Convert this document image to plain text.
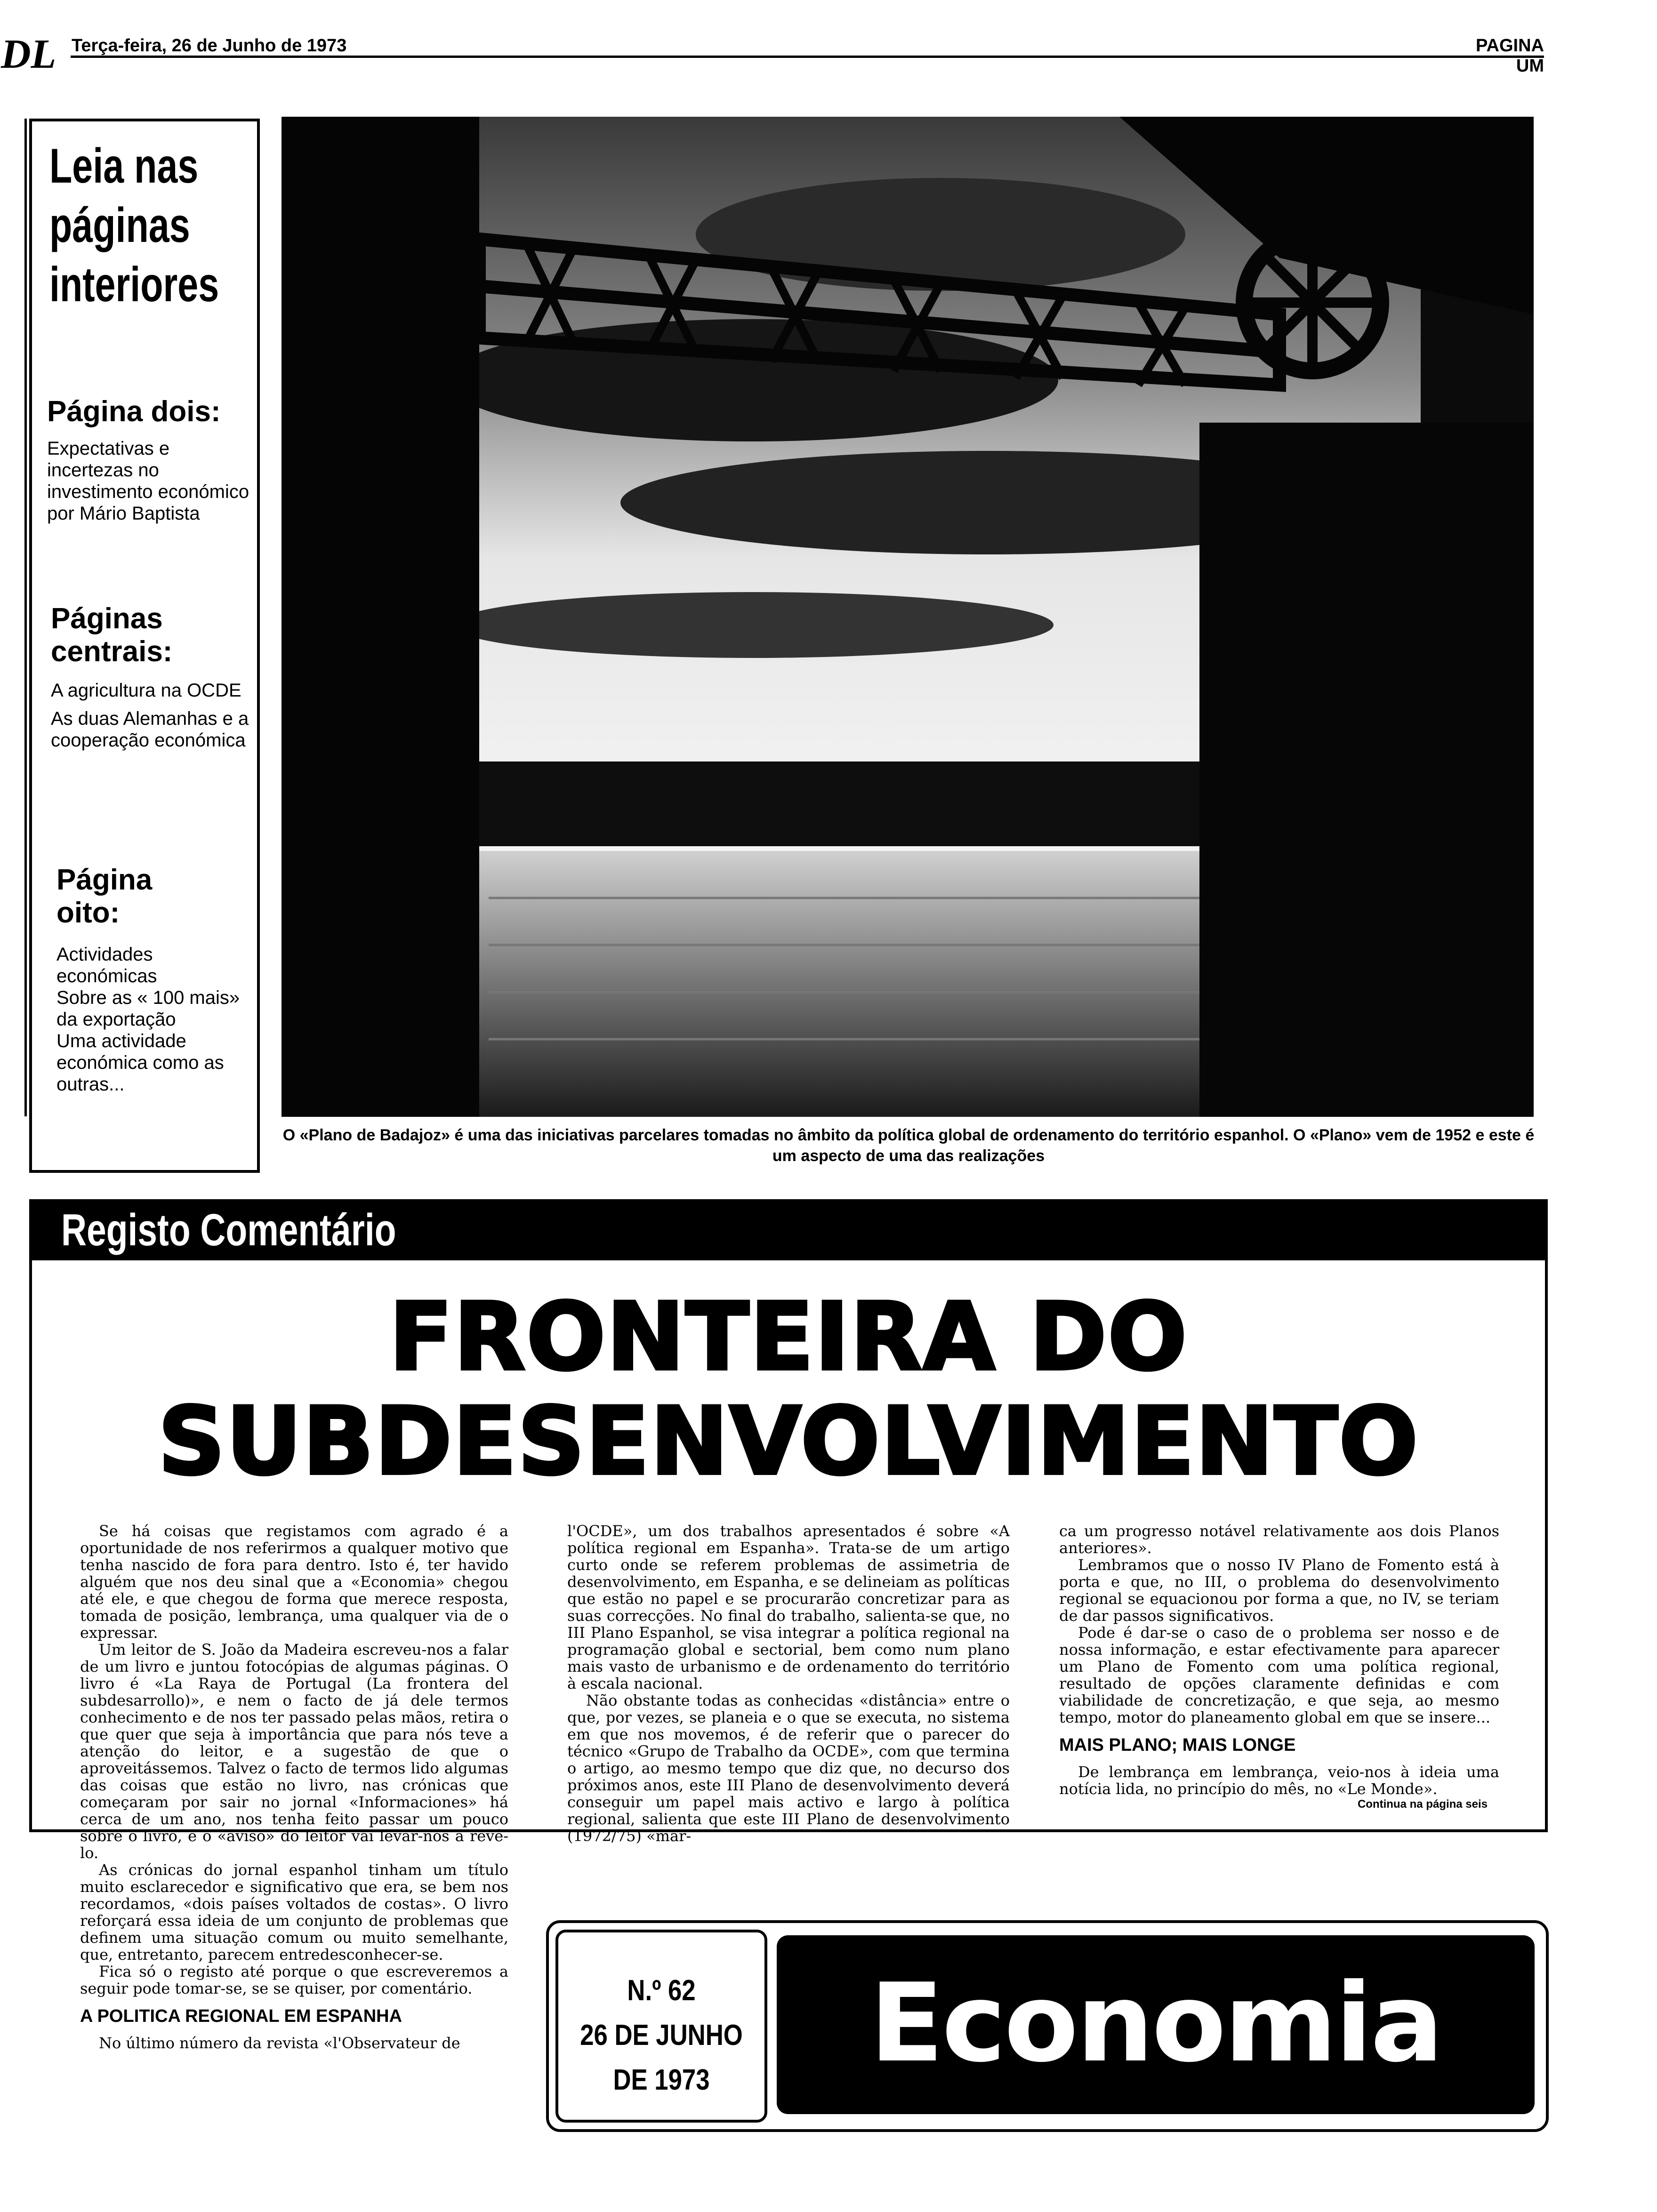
DL Terça-feira, 26 de Junho de 1973	PAGINA UM
Leia nas
páginas
interiores
Página dois:
Expectativas e incertezas no investimento económico por Mário Baptista
Páginas centrais:
A agricultura na OCDE
As duas Alemanhas e a cooperação económica
Página oito:
Actividades económicas
Sobre as « 100 mais» da exportação
Uma actividade económica como as outras...
O «Plano de Badajoz» é uma das iniciativas parcelares tomadas no âmbito da política global de ordenamento do território espanhol. O «Plano» vem de 1952 e este é um aspecto de uma das realizações
Registo Comentário
FRONTEIRA DO
SUBDESENVOLVIMENTO

Se há coisas que registamos com agrado é a oportunidade de nos referirmos a qualquer motivo que tenha nascido de fora para dentro. Isto é, ter havido alguém que nos deu sinal que a «Economia» chegou até ele, e que chegou de forma que merece resposta, tomada de posição, lembrança, uma qualquer via de o expressar.

Um leitor de S. João da Madeira escreveu-nos a falar de um livro e juntou fotocópias de algumas páginas. O livro é «La Raya de Portugal (La frontera del subdesarrollo)», e nem o facto de já dele termos conhecimento e de nos ter passado pelas mãos, retira o que quer que seja à importância que para nós teve a atenção do leitor, e a sugestão de que o aproveitássemos. Talvez o facto de termos lido algumas das coisas que estão no livro, nas crónicas que começaram por sair no jornal «Informaciones» há cerca de um ano, nos tenha feito passar um pouco sobre o livro, e o «aviso» do leitor vai levar-nos a revê-lo.

As crónicas do jornal espanhol tinham um título muito esclarecedor e significativo que era, se bem nos recordamos, «dois países voltados de costas». O livro reforçará essa ideia de um conjunto de problemas que definem uma situação comum ou muito semelhante, que, entretanto, parecem entredesconhecer-se.

Fica só o registo até porque o que escreveremos a seguir pode tomar-se, se se quiser, por comentário.

A POLITICA REGIONAL EM ESPANHA

No último número da revista «l'Observateur de

l'OCDE», um dos trabalhos apresentados é sobre «A política regional em Espanha». Trata-se de um artigo curto onde se referem problemas de assimetria de desenvolvimento, em Espanha, e se delineiam as políticas que estão no papel e se procurarão concretizar para as suas correcções. No final do trabalho, salienta-se que, no III Plano Espanhol, se visa integrar a política regional na programação global e sectorial, bem como num plano mais vasto de urbanismo e de ordenamento do território à escala nacional.

Não obstante todas as conhecidas «distância» entre o que, por vezes, se planeia e o que se executa, no sistema em que nos movemos, é de referir que o parecer do técnico «Grupo de Trabalho da OCDE», com que termina o artigo, ao mesmo tempo que diz que, no decurso dos próximos anos, este III Plano de desenvolvimento deverá conseguir um papel mais activo e largo à política regional, salienta que este III Plano de desenvolvimento (1972/75) «mar-

ca um progresso notável relativamente aos dois Planos anteriores».

Lembramos que o nosso IV Plano de Fomento está à porta e que, no III, o problema do desenvolvimento regional se equacionou por forma a que, no IV, se teriam de dar passos significativos.

Pode é dar-se o caso de o problema ser nosso e de nossa informação, e estar efectivamente para aparecer um Plano de Fomento com uma política regional, resultado de opções claramente definidas e com viabilidade de concretização, e que seja, ao mesmo tempo, motor do planeamento global em que se insere...

MAIS PLANO; MAIS LONGE

De lembrança em lembrança, veio-nos à ideia uma notícia lida, no princípio do mês, no «Le Monde».

Continua na página seis
N.º 62
26 DE JUNHO
DE 1973	Economia
